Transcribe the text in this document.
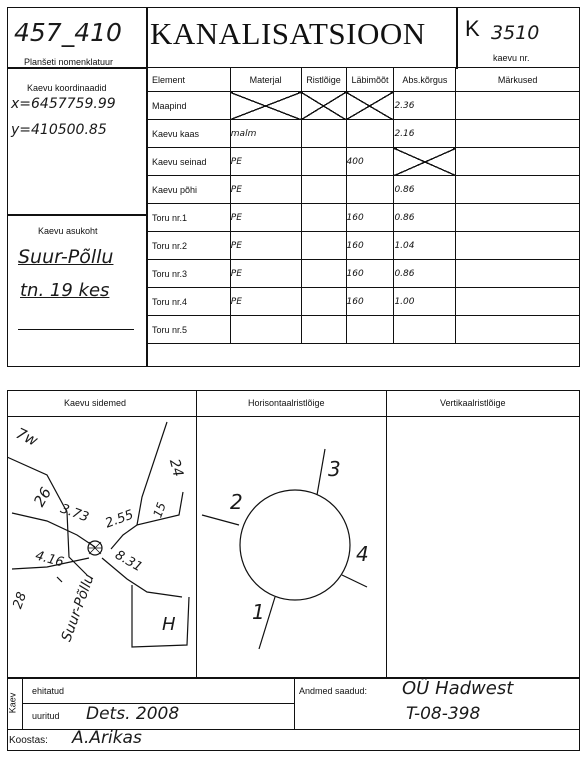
457_410
Planšeti nomenklatuur
KANALISATSIOON K 3510
kaevu nr.
Kaevu koordinaadid
x=6457759.99
y=410500.85
Kaevu asukoht
Suur-Põllu
tn. 19 kes
Element	Materjal	Ristlõige	Läbimõõt	Abs.kõrgus	Märkused
Maapind				2.36	
Kaevu kaas	malm			2.16	
Kaevu seinad	PE		400		
Kaevu põhi	PE			0.86	
Toru nr.1	PE		160	0.86	
Toru nr.2	PE		160	1.04	
Toru nr.3	PE		160	0.86	
Toru nr.4	PE		160	1.00	
Toru nr.5					
Kaevu sidemed	Horisontaalristlõige	Vertikaalristlõige
7w
26
24
15
28
3.73 2.55
4.16	8.31
Suur-Põllu	H
1
2
3
4
Kaev
ehitatud
uuritud Dets. 2008
Andmed saadud: OÜ Hadwest
T-08-398
Koostas: A.Arikas
